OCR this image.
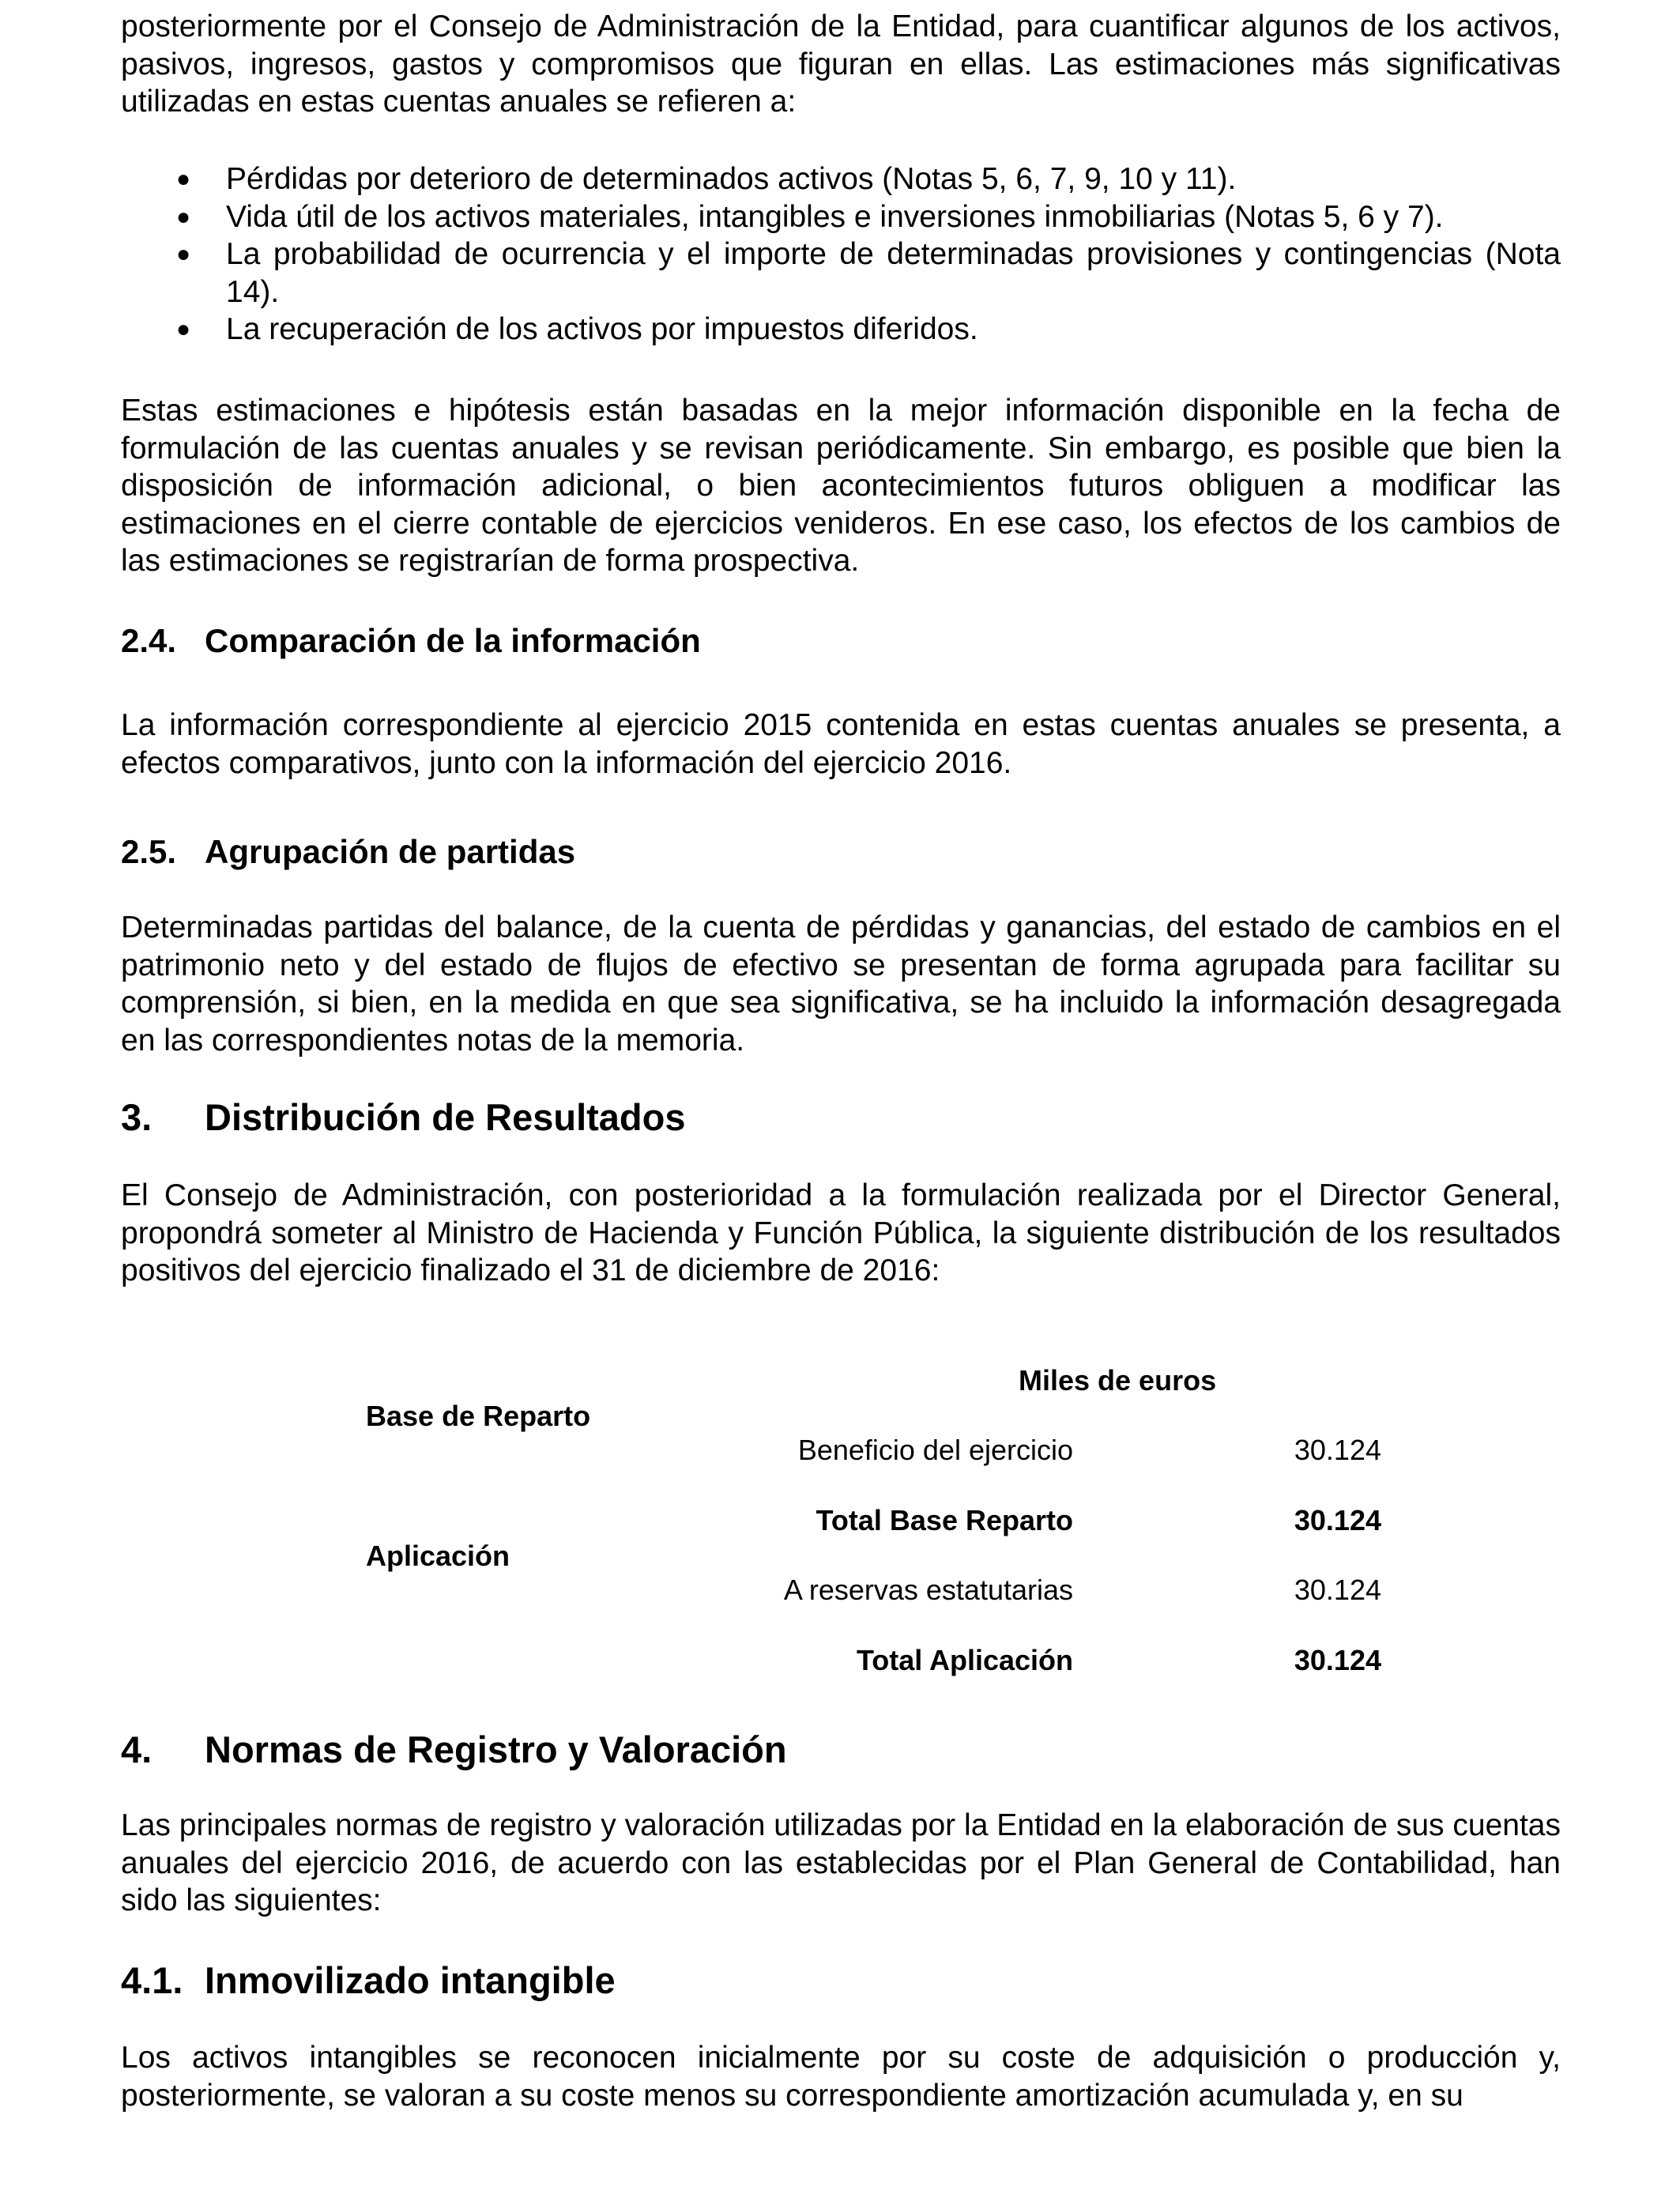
posteriormente por el Consejo de Administración de la Entidad, para cuantificar algunos de los activos, pasivos, ingresos, gastos y compromisos que figuran en ellas. Las estimaciones más significativas utilizadas en estas cuentas anuales se refieren a:

● Pérdidas por deterioro de determinados activos (Notas 5, 6, 7, 9, 10 y 11).
● Vida útil de los activos materiales, intangibles e inversiones inmobiliarias (Notas 5, 6 y 7).
● La probabilidad de ocurrencia y el importe de determinadas provisiones y contingencias (Nota 14).
● La recuperación de los activos por impuestos diferidos.

Estas estimaciones e hipótesis están basadas en la mejor información disponible en la fecha de formulación de las cuentas anuales y se revisan periódicamente. Sin embargo, es posible que bien la disposición de información adicional, o bien acontecimientos futuros obliguen a modificar las estimaciones en el cierre contable de ejercicios venideros. En ese caso, los efectos de los cambios de las estimaciones se registrarían de forma prospectiva.

2.4. Comparación de la información

La información correspondiente al ejercicio 2015 contenida en estas cuentas anuales se presenta, a efectos comparativos, junto con la información del ejercicio 2016.

2.5. Agrupación de partidas

Determinadas partidas del balance, de la cuenta de pérdidas y ganancias, del estado de cambios en el patrimonio neto y del estado de flujos de efectivo se presentan de forma agrupada para facilitar su comprensión, si bien, en la medida en que sea significativa, se ha incluido la información desagregada en las correspondientes notas de la memoria.

3. Distribución de Resultados

El Consejo de Administración, con posterioridad a la formulación realizada por el Director General, propondrá someter al Ministro de Hacienda y Función Pública, la siguiente distribución de los resultados positivos del ejercicio finalizado el 31 de diciembre de 2016:

Miles de euros
Base de Reparto
Beneficio del ejercicio	30.124
Total Base Reparto	30.124
Aplicación
A reservas estatutarias	30.124
Total Aplicación	30.124
4. Normas de Registro y Valoración

Las principales normas de registro y valoración utilizadas por la Entidad en la elaboración de sus cuentas anuales del ejercicio 2016, de acuerdo con las establecidas por el Plan General de Contabilidad, han sido las siguientes:

4.1. Inmovilizado intangible

Los activos intangibles se reconocen inicialmente por su coste de adquisición o producción y, posteriormente, se valoran a su coste menos su correspondiente amortización acumulada y, en su
